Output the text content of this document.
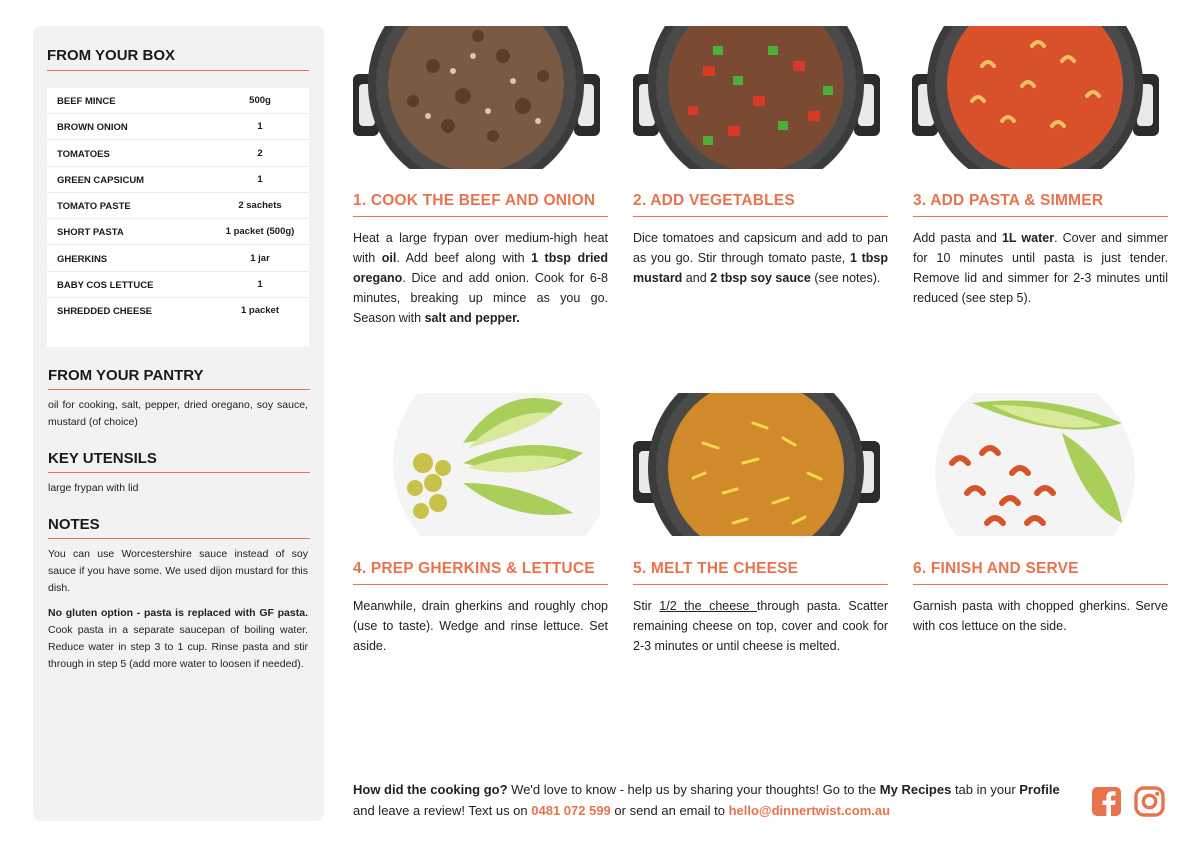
FROM YOUR BOX
BEEF MINCE	500g
BROWN ONION	1
TOMATOES	2
GREEN CAPSICUM	1
TOMATO PASTE	2 sachets
SHORT PASTA	1 packet (500g)
GHERKINS	1 jar
BABY COS LETTUCE	1
SHREDDED CHEESE	1 packet
FROM YOUR PANTRY
oil for cooking, salt, pepper, dried oregano, soy sauce, mustard (of choice)
KEY UTENSILS
large frypan with lid
NOTES
You can use Worcestershire sauce instead of soy sauce if you have some. We used dijon mustard for this dish.
No gluten option - pasta is replaced with GF pasta. Cook pasta in a separate saucepan of boiling water. Reduce water in step 3 to 1 cup. Rinse pasta and stir through in step 5 (add more water to loosen if needed).
1. COOK THE BEEF AND ONION
Heat a large frypan over medium-high heat with oil. Add beef along with 1 tbsp dried oregano. Dice and add onion. Cook for 6-8 minutes, breaking up mince as you go. Season with salt and pepper.
2. ADD VEGETABLES
Dice tomatoes and capsicum and add to pan as you go. Stir through tomato paste, 1 tbsp mustard and 2 tbsp soy sauce (see notes).
3. ADD PASTA & SIMMER
Add pasta and 1L water. Cover and simmer for 10 minutes until pasta is just tender. Remove lid and simmer for 2-3 minutes until reduced (see step 5).
4. PREP GHERKINS & LETTUCE
Meanwhile, drain gherkins and roughly chop (use to taste). Wedge and rinse lettuce. Set aside.
5. MELT THE CHEESE
Stir 1/2 the cheese through pasta. Scatter remaining cheese on top, cover and cook for 2-3 minutes or until cheese is melted.
6. FINISH AND SERVE
Garnish pasta with chopped gherkins. Serve with cos lettuce on the side.
How did the cooking go? We'd love to know - help us by sharing your thoughts! Go to the My Recipes tab in your Profile and leave a review! Text us on 0481 072 599 or send an email to hello@dinnertwist.com.au
